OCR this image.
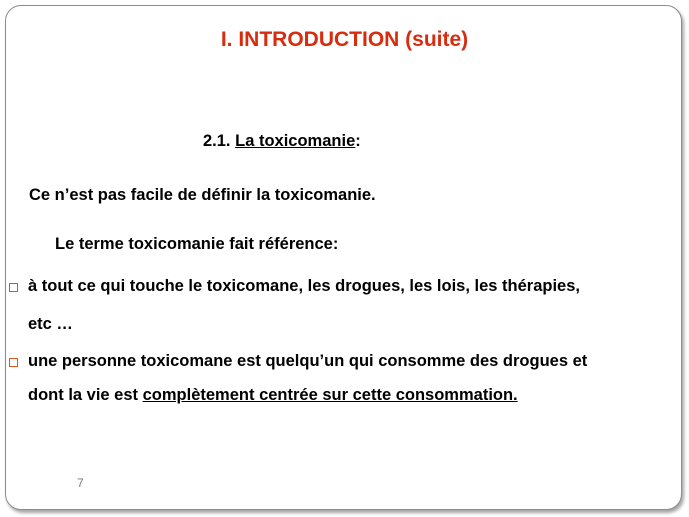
I. INTRODUCTION (suite)
2.1. La toxicomanie:
Ce n’est pas facile de définir la toxicomanie.
Le terme toxicomanie fait référence:
à tout ce qui touche le toxicomane, les drogues, les lois, les thérapies,
etc …
une personne toxicomane est quelqu’un qui consomme des drogues et
dont la vie est complètement centrée sur cette consommation.
7
